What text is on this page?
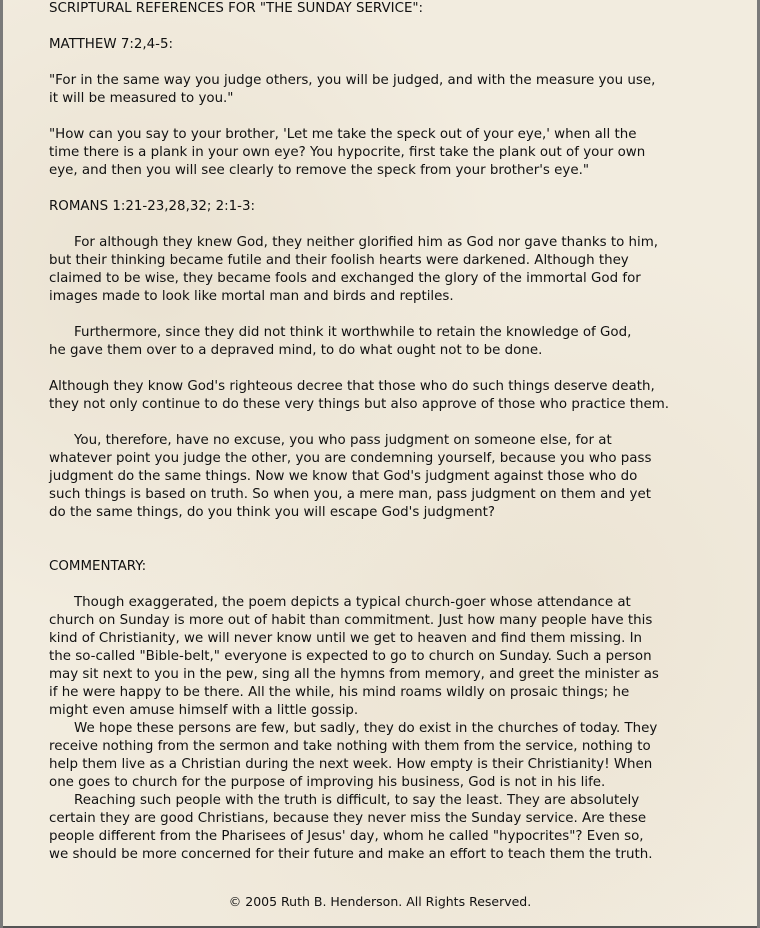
SCRIPTURAL REFERENCES FOR "THE SUNDAY SERVICE":

MATTHEW 7:2,4-5:

"For in the same way you judge others, you will be judged, and with the measure you use,
it will be measured to you."

"How can you say to your brother, 'Let me take the speck out of your eye,' when all the
time there is a plank in your own eye? You hypocrite, first take the plank out of your own
eye, and then you will see clearly to remove the speck from your brother's eye."

ROMANS 1:21-23,28,32; 2:1-3:

For although they knew God, they neither glorified him as God nor gave thanks to him,
but their thinking became futile and their foolish hearts were darkened. Although they
claimed to be wise, they became fools and exchanged the glory of the immortal God for
images made to look like mortal man and birds and reptiles.

Furthermore, since they did not think it worthwhile to retain the knowledge of God,
he gave them over to a depraved mind, to do what ought not to be done.

Although they know God's righteous decree that those who do such things deserve death,
they not only continue to do these very things but also approve of those who practice them.

You, therefore, have no excuse, you who pass judgment on someone else, for at
whatever point you judge the other, you are condemning yourself, because you who pass
judgment do the same things. Now we know that God's judgment against those who do
such things is based on truth. So when you, a mere man, pass judgment on them and yet
do the same things, do you think you will escape God's judgment?

COMMENTARY:

Though exaggerated, the poem depicts a typical church-goer whose attendance at
church on Sunday is more out of habit than commitment. Just how many people have this
kind of Christianity, we will never know until we get to heaven and find them missing. In
the so-called "Bible-belt," everyone is expected to go to church on Sunday. Such a person
may sit next to you in the pew, sing all the hymns from memory, and greet the minister as
if he were happy to be there. All the while, his mind roams wildly on prosaic things; he
might even amuse himself with a little gossip.

We hope these persons are few, but sadly, they do exist in the churches of today. They
receive nothing from the sermon and take nothing with them from the service, nothing to
help them live as a Christian during the next week. How empty is their Christianity! When
one goes to church for the purpose of improving his business, God is not in his life.

Reaching such people with the truth is difficult, to say the least. They are absolutely
certain they are good Christians, because they never miss the Sunday service. Are these
people different from the Pharisees of Jesus' day, whom he called "hypocrites"? Even so,
we should be more concerned for their future and make an effort to teach them the truth.

© 2005 Ruth B. Henderson. All Rights Reserved.
